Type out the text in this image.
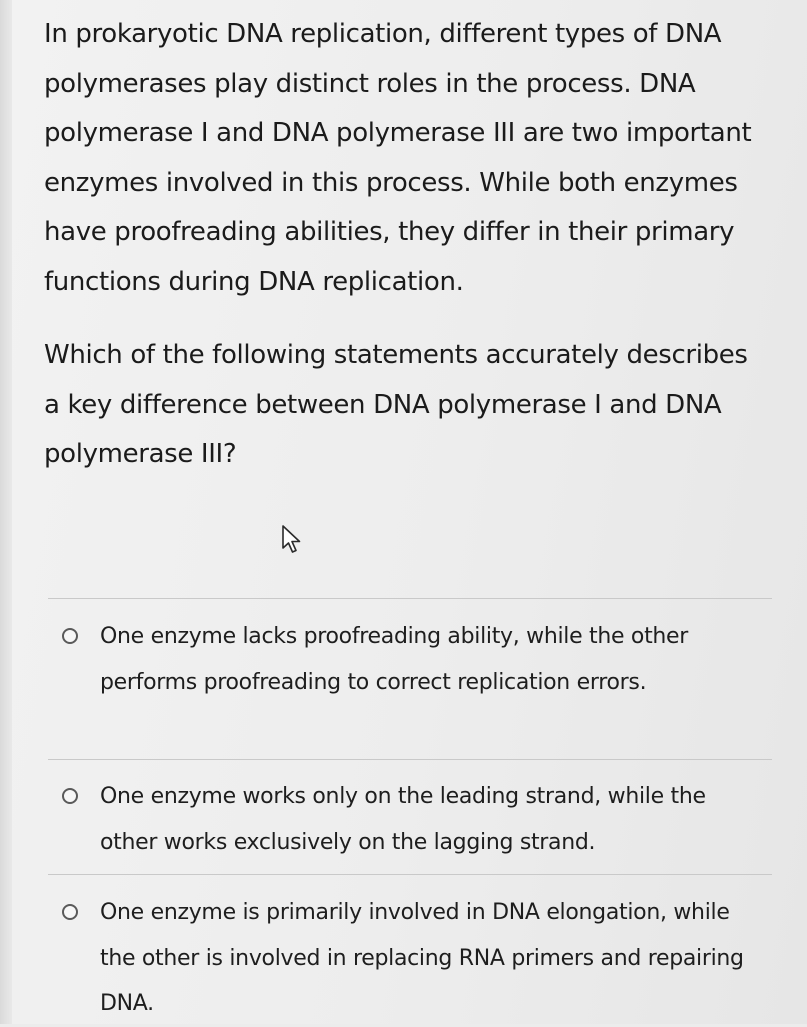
In prokaryotic DNA replication, different types of DNA polymerases play distinct roles in the process. DNA polymerase I and DNA polymerase III are two important enzymes involved in this process. While both enzymes have proofreading abilities, they differ in their primary functions during DNA replication.

Which of the following statements accurately describes a key difference between DNA polymerase I and DNA polymerase III?

One enzyme lacks proofreading ability, while the other performs proofreading to correct replication errors.
One enzyme works only on the leading strand, while the other works exclusively on the lagging strand.
One enzyme is primarily involved in DNA elongation, while the other is involved in replacing RNA primers and repairing DNA.
